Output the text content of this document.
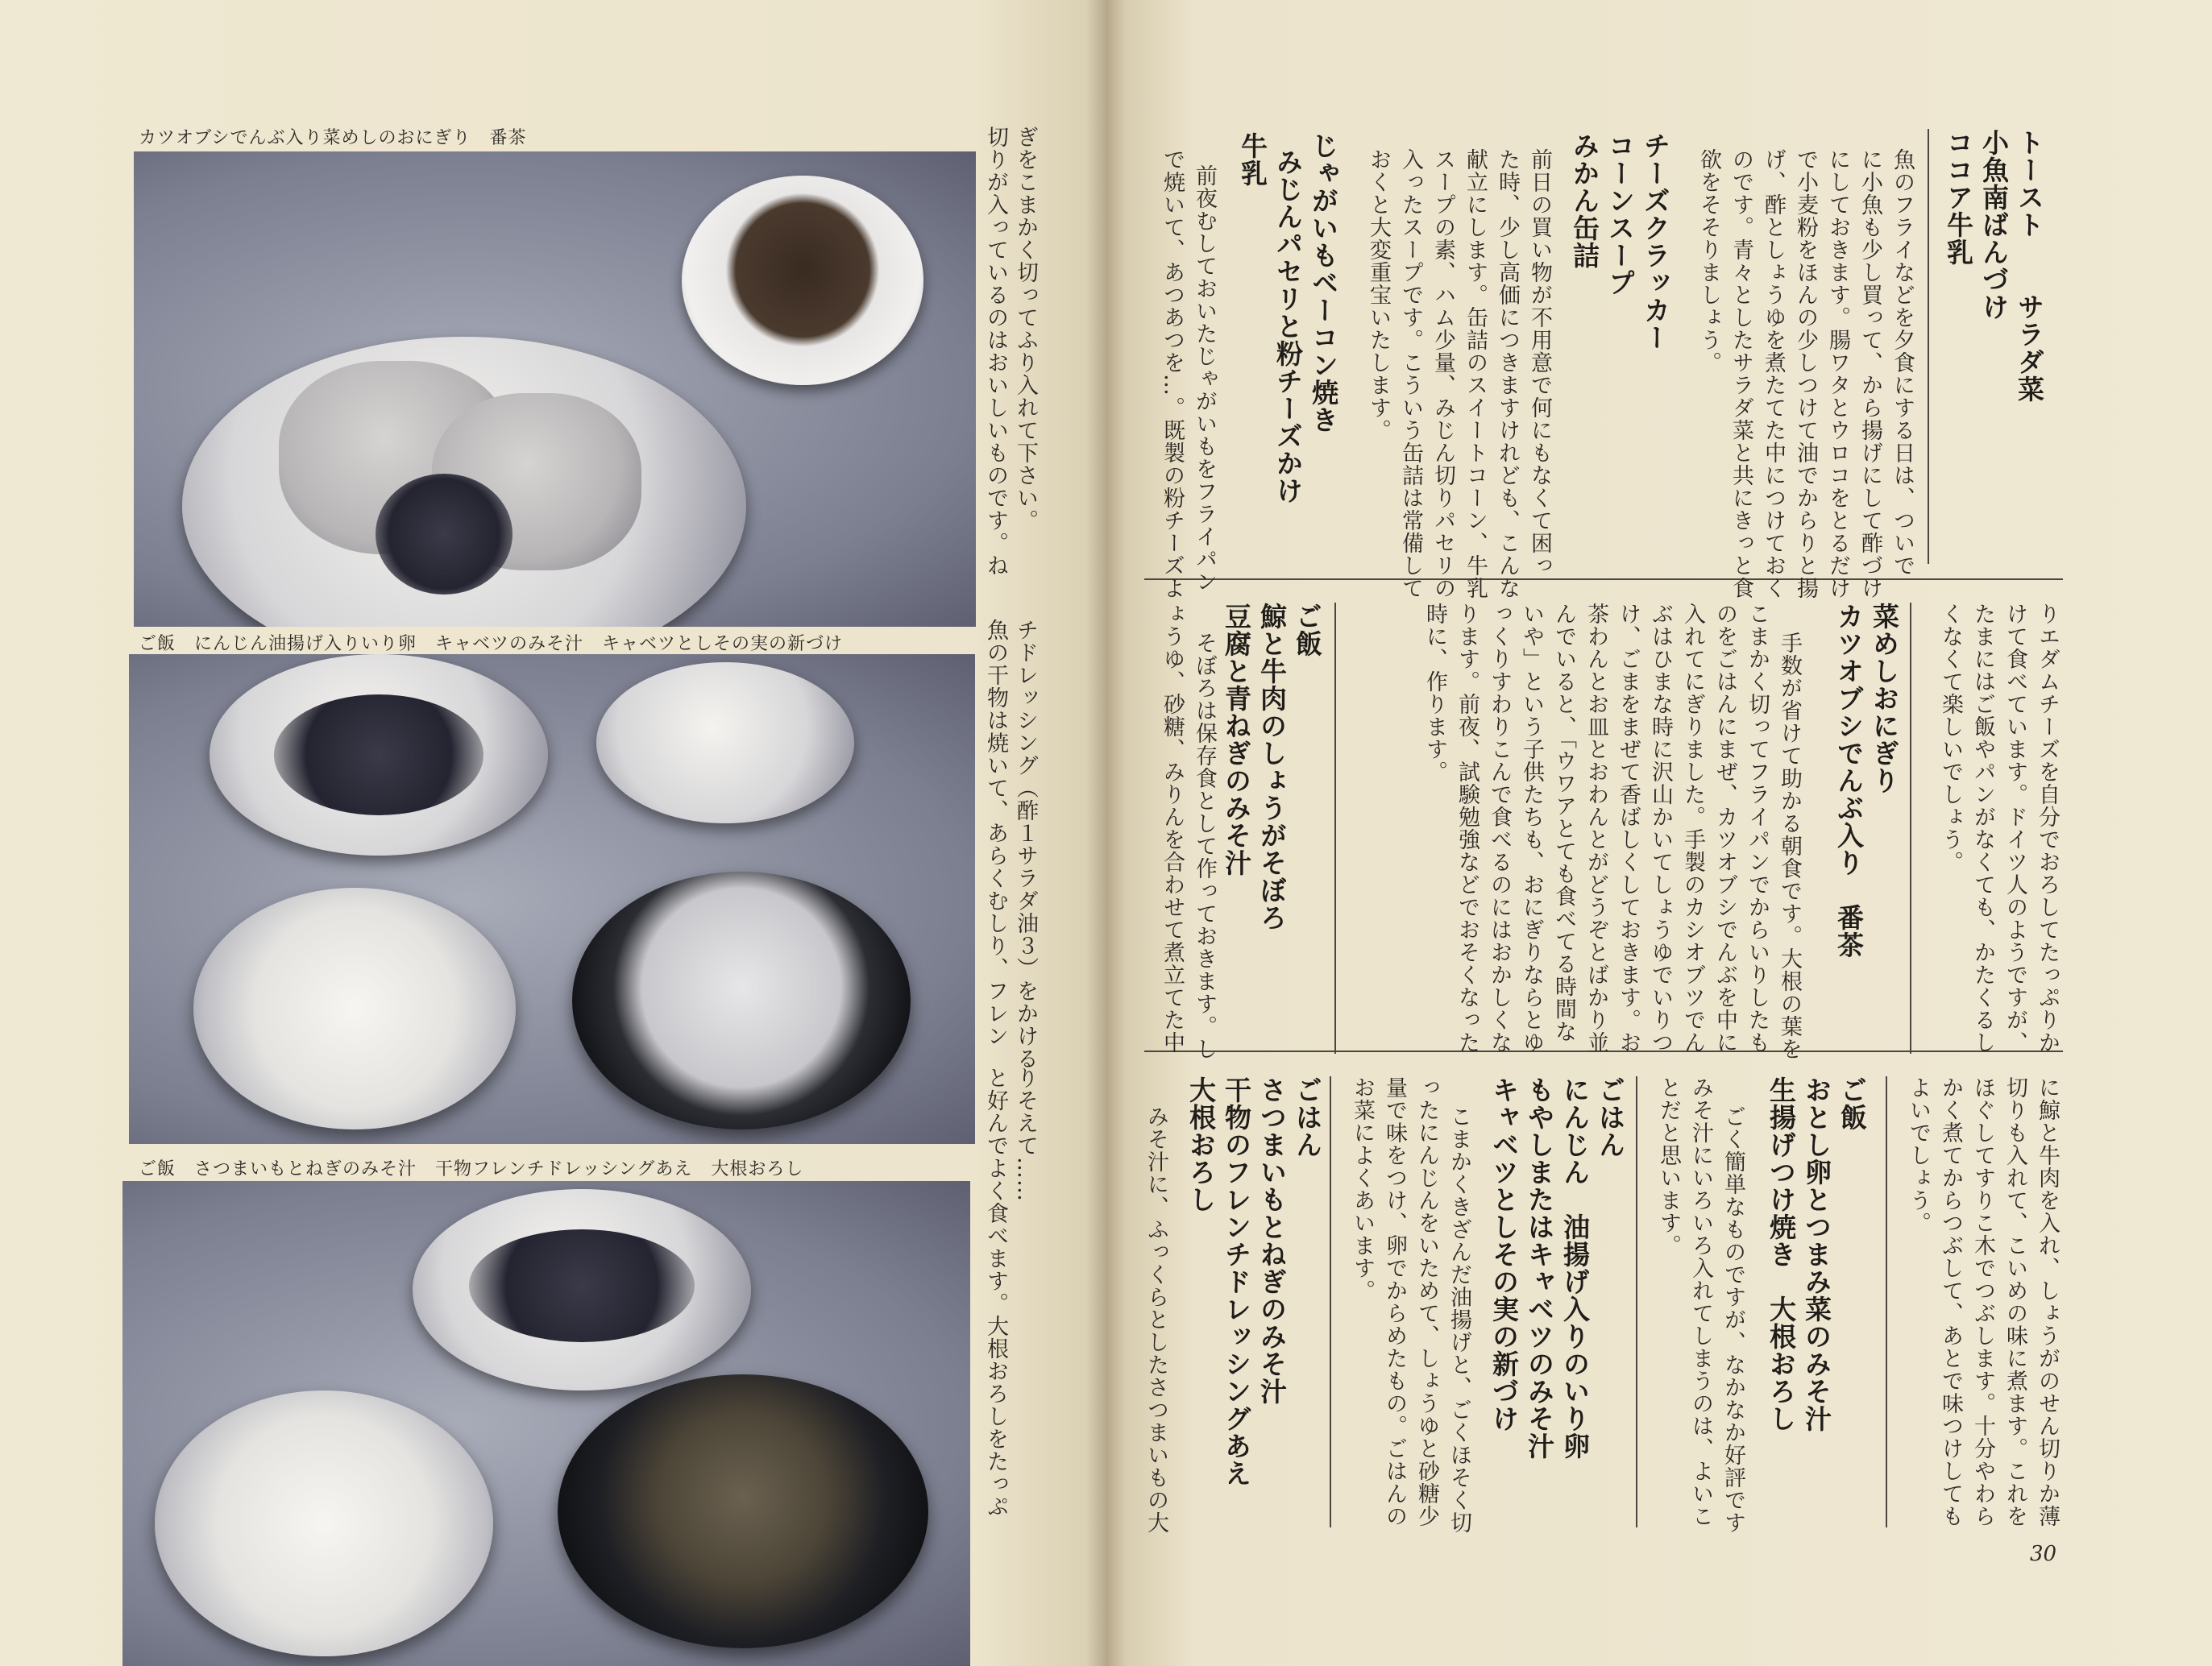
カツオブシでんぶ入り菜めしのおにぎり　番茶
ご飯　にんじん油揚げ入りいり卵　キャベツのみそ汁　キャベツとしその実の新づけ
ご飯　さつまいもとねぎのみそ汁　干物フレンチドレッシングあえ　大根おろし
切りが入っているのはおいしいものです。ね ぎをこまかく切ってふり入れて下さい。
魚の干物は焼いて、あらくむしり、フレン チドレッシング（酢１サラダ油３）をかける
と好んでよく食べます。大根おろしをたっぷ りそえて……
トースト　　サラダ菜
小魚南ばんづけ
ココア牛乳
魚のフライなどを夕食にする日は、ついで
に小魚も少し買って、から揚げにして酢づけ
にしておきます。腸ワタとウロコをとるだけ
で小麦粉をほんの少しつけて油でからりと揚
げ、酢としょうゆを煮たてた中につけておく
のです。青々としたサラダ菜と共にきっと食
欲をそそりましょう。
チーズクラッカー
コーンスープ
みかん缶詰
前日の買い物が不用意で何にもなくて困っ
た時、少し高価につきますけれども、こんな
献立にします。缶詰のスイートコーン、牛乳
スープの素、ハム少量、みじん切りパセリの
入ったスープです。こういう缶詰は常備して
おくと大変重宝いたします。
じゃがいもベーコン焼き
みじんパセリと粉チーズかけ
牛乳
前夜むしておいたじゃがいもをフライパン
で焼いて、あつあつを…。既製の粉チーズよ
りエダムチーズを自分でおろしてたっぷりか
けて食べています。ドイツ人のようですが、
たまにはご飯やパンがなくても、かたくるし
くなくて楽しいでしょう。
菜めしおにぎり
カツオブシでんぶ入り　番茶
手数が省けて助かる朝食です。大根の葉を
こまかく切ってフライパンでからいりしたも
のをごはんにまぜ、カツオブシでんぶを中に
入れてにぎりました。手製のカシオブツでん
ぶはひまな時に沢山かいてしょうゆでいりつ
け、ごまをまぜて香ばしくしておきます。お
茶わんとお皿とおわんとがどうぞとばかり並
んでいると、「ウワアとても食べてる時間な
いや」という子供たちも、おにぎりならとゆ
っくりすわりこんで食べるのにはおかしくな
ります。前夜、試験勉強などでおそくなった
時に、作ります。
ご飯
鯨と牛肉のしょうがそぼろ
豆腐と青ねぎのみそ汁
そぼろは保存食として作っておきます。し
ょうゆ、砂糖、みりんを合わせて煮立てた中
に鯨と牛肉を入れ、しょうがのせん切りか薄
切りも入れて、こいめの味に煮ます。これを
ほぐしてすりこ木でつぶします。十分やわら
かく煮てからつぶして、あとで味つけしても
よいでしょう。
ご飯
おとし卵とつまみ菜のみそ汁
生揚げつけ焼き　大根おろし
ごく簡単なものですが、なかなか好評です
みそ汁にいろいろ入れてしまうのは、よいこ
とだと思います。
ごはん
にんじん　油揚げ入りのいり卵
もやしまたはキャベツのみそ汁
キャベツとしその実の新づけ
こまかくきざんだ油揚げと、ごくほそく切
ったにんじんをいためて、しょうゆと砂糖少
量で味をつけ、卵でからめたもの。ごはんの
お菜によくあいます。
ごはん
さつまいもとねぎのみそ汁
干物のフレンチドレッシングあえ
大根おろし
みそ汁に、ふっくらとしたさつまいもの大
30
